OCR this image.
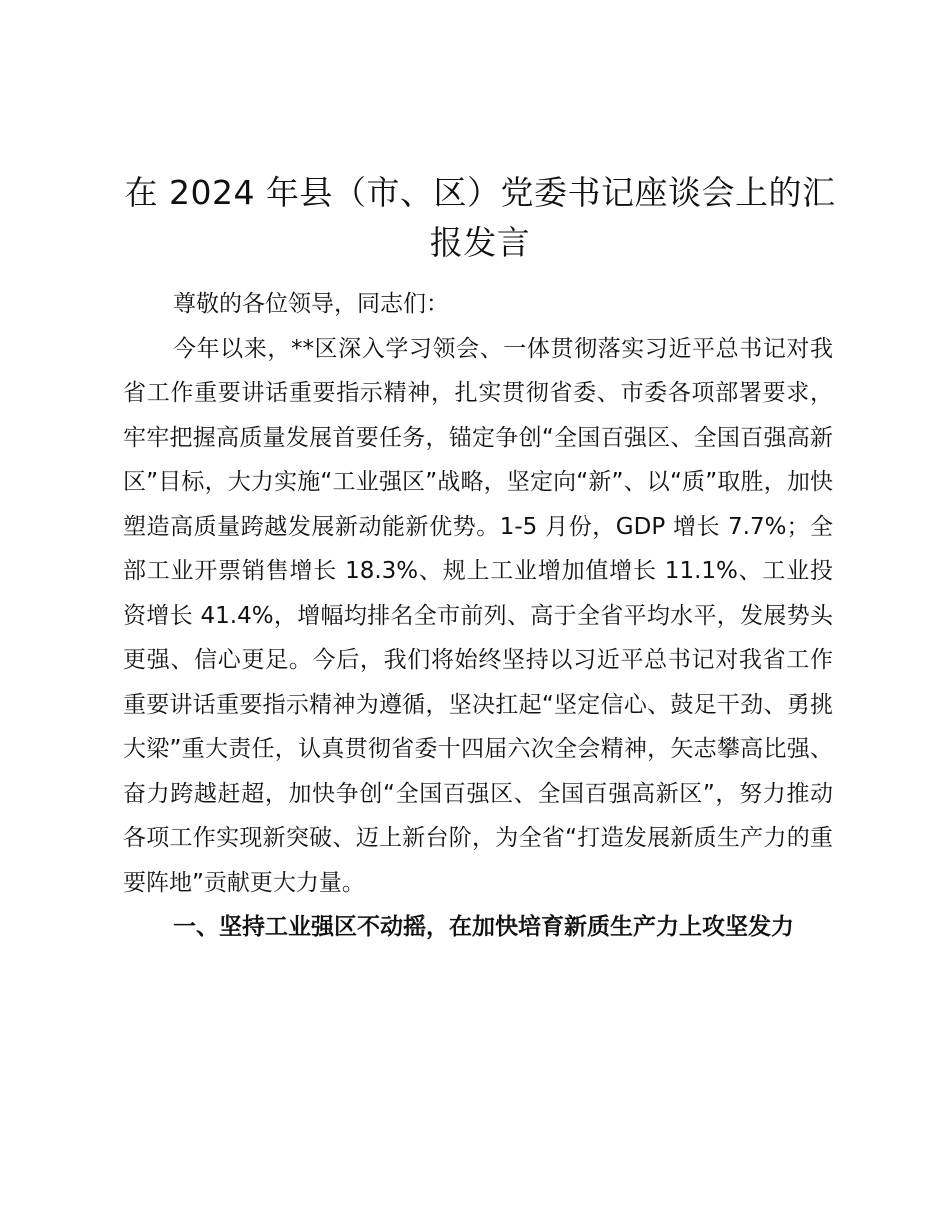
在 2024 年县（市、区）党委书记座谈会上的汇报发言

尊敬的各位领导，同志们：

今年以来，**区深入学习领会、一体贯彻落实习近平总书记对我省工作重要讲话重要指示精神，扎实贯彻省委、市委各项部署要求，牢牢把握高质量发展首要任务，锚定争创“全国百强区、全国百强高新区”目标，大力实施“工业强区”战略，坚定向“新”、以“质”取胜，加快塑造高质量跨越发展新动能新优势。1-5 月份，GDP 增长 7.7%；全部工业开票销售增长 18.3%、规上工业增加值增长 11.1%、工业投资增长 41.4%，增幅均排名全市前列、高于全省平均水平，发展势头更强、信心更足。今后，我们将始终坚持以习近平总书记对我省工作重要讲话重要指示精神为遵循，坚决扛起“坚定信心、鼓足干劲、勇挑大梁”重大责任，认真贯彻省委十四届六次全会精神，矢志攀高比强、奋力跨越赶超，加快争创“全国百强区、全国百强高新区”，努力推动各项工作实现新突破、迈上新台阶，为全省“打造发展新质生产力的重要阵地”贡献更大力量。

一、坚持工业强区不动摇，在加快培育新质生产力上攻坚发力
